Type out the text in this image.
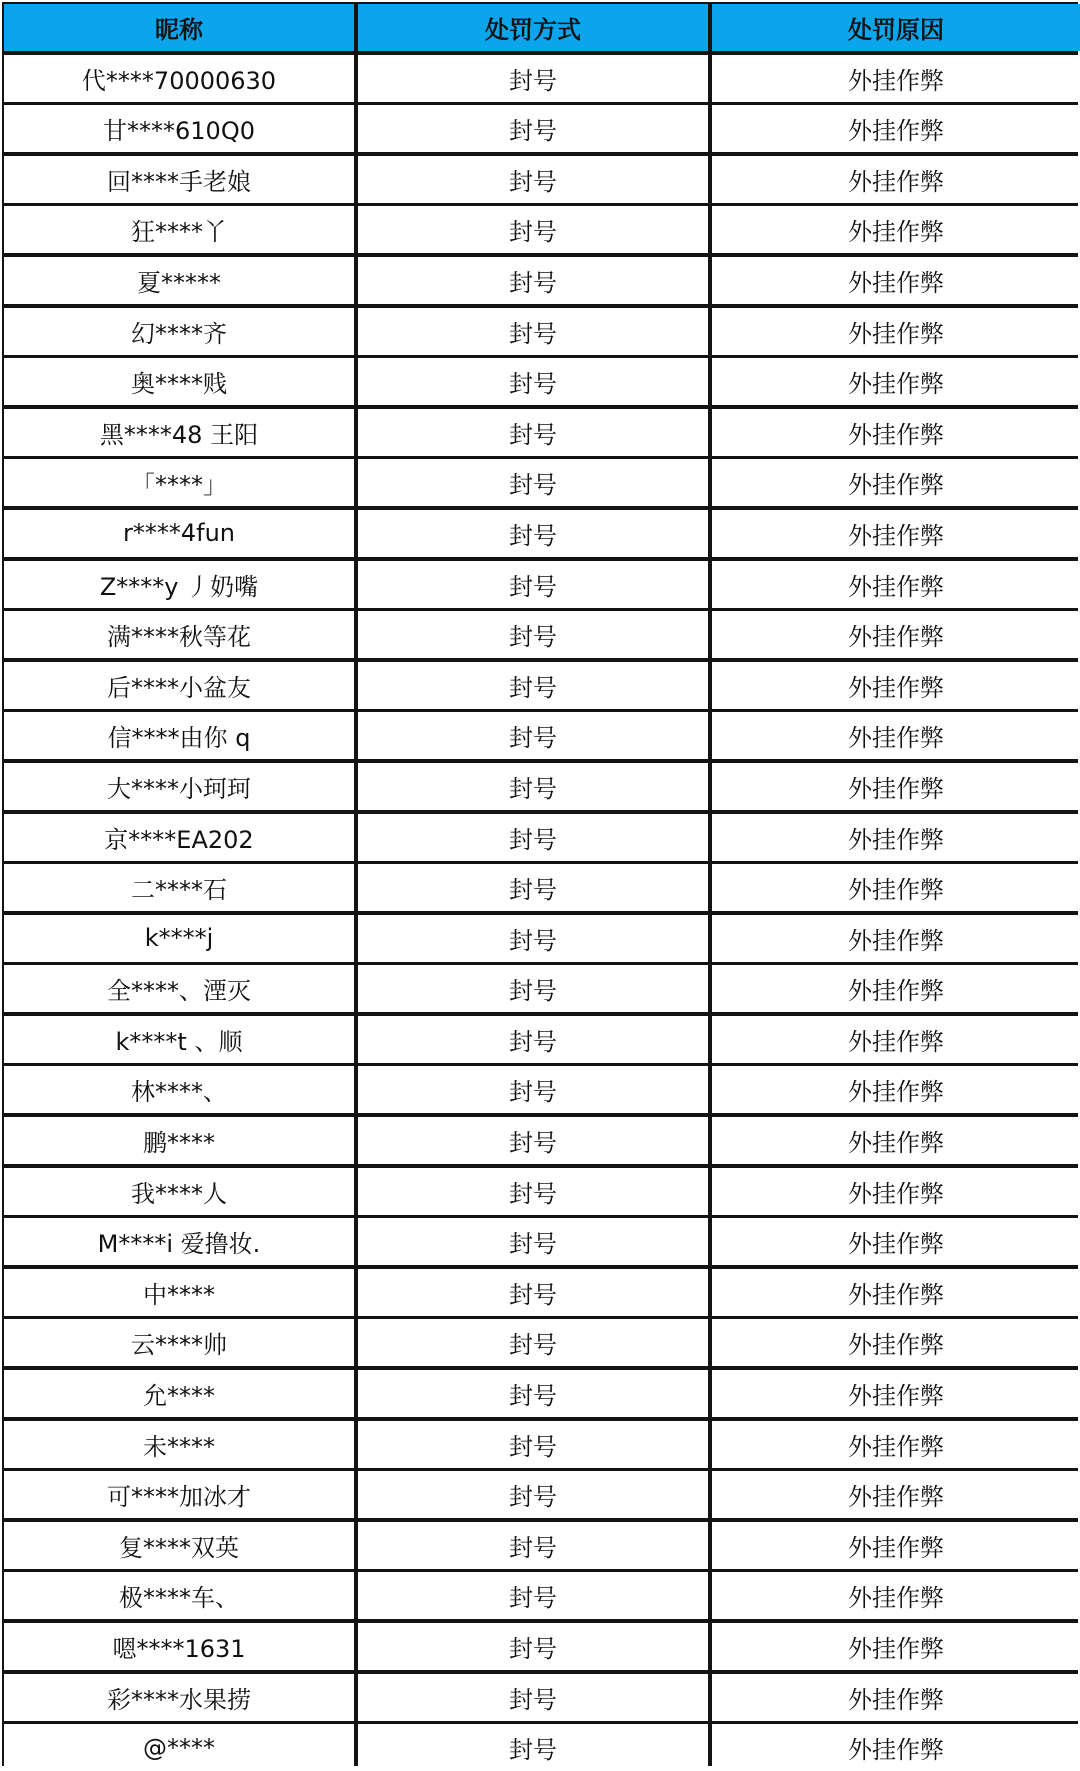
昵称	处罚方式	处罚原因
代****70000630	封号	外挂作弊
甘****610Q0	封号	外挂作弊
回****手老娘	封号	外挂作弊
狂****丫	封号	外挂作弊
夏*****	封号	外挂作弊
幻****齐	封号	外挂作弊
奥****贱	封号	外挂作弊
黑****48 王阳	封号	外挂作弊
「****」	封号	外挂作弊
r****4fun	封号	外挂作弊
Z****y 丿奶嘴	封号	外挂作弊
满****秋等花	封号	外挂作弊
后****小盆友	封号	外挂作弊
信****由你 q	封号	外挂作弊
大****小珂珂	封号	外挂作弊
京****EA202	封号	外挂作弊
二****石	封号	外挂作弊
k****j	封号	外挂作弊
全****、湮灭	封号	外挂作弊
k****t 、顺	封号	外挂作弊
林****、	封号	外挂作弊
鹏****	封号	外挂作弊
我****人	封号	外挂作弊
M****i 爱撸妆.	封号	外挂作弊
中****	封号	外挂作弊
云****帅	封号	外挂作弊
允****	封号	外挂作弊
未****	封号	外挂作弊
可****加冰才	封号	外挂作弊
复****双英	封号	外挂作弊
极****车、	封号	外挂作弊
嗯****1631	封号	外挂作弊
彩****水果捞	封号	外挂作弊
@****	封号	外挂作弊
